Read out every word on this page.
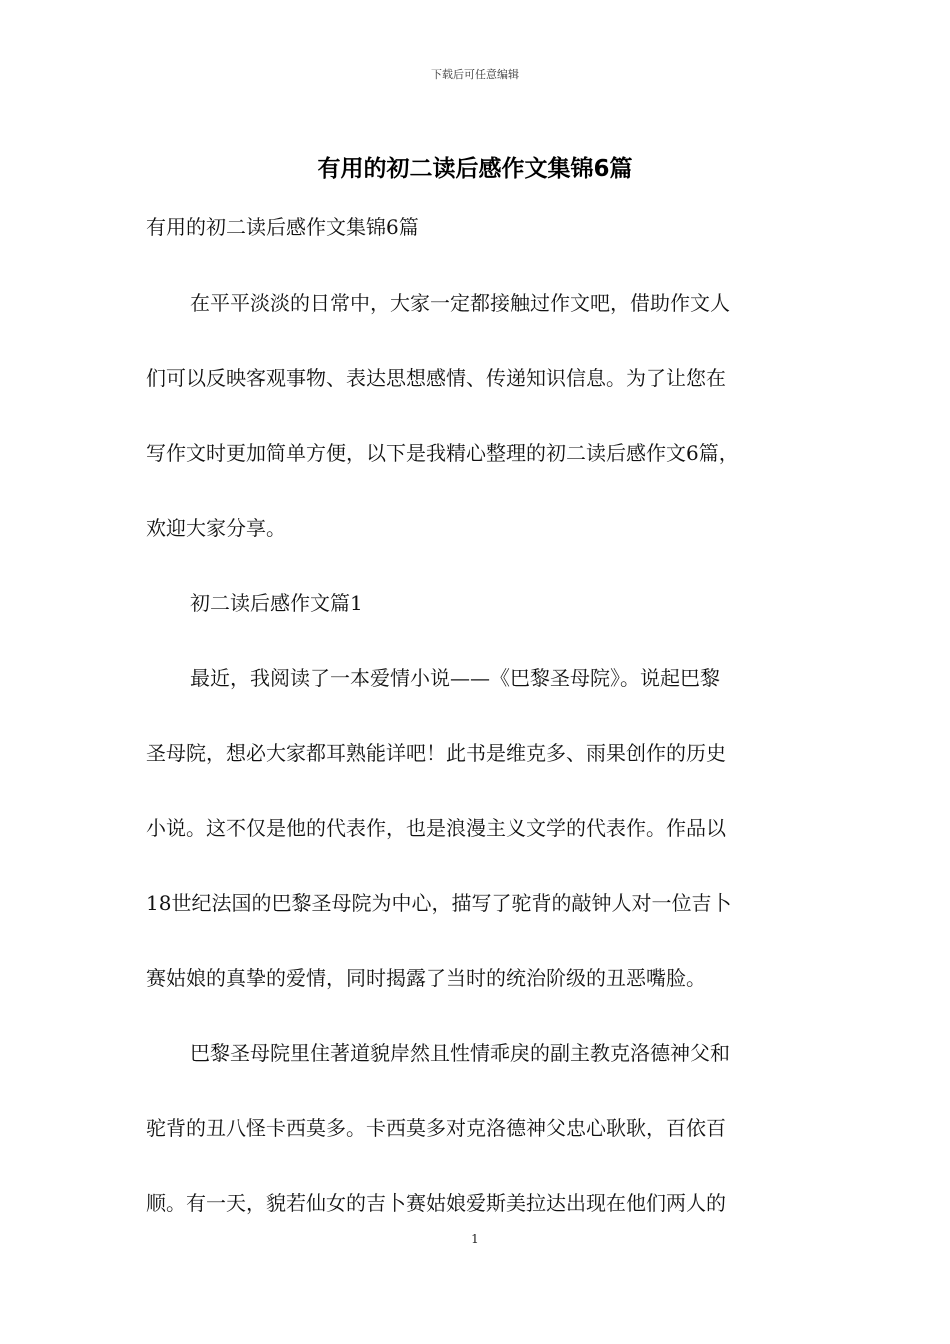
下载后可任意编辑
有用的初二读后感作文集锦6篇
有用的初二读后感作文集锦6篇
在平平淡淡的日常中，大家一定都接触过作文吧，借助作文人
们可以反映客观事物、表达思想感情、传递知识信息。为了让您在
写作文时更加简单方便，以下是我精心整理的初二读后感作文6篇，
欢迎大家分享。
初二读后感作文篇1
最近，我阅读了一本爱情小说——《巴黎圣母院》。说起巴黎
圣母院，想必大家都耳熟能详吧！此书是维克多、雨果创作的历史
小说。这不仅是他的代表作，也是浪漫主义文学的代表作。作品以
18世纪法国的巴黎圣母院为中心，描写了驼背的敲钟人对一位吉卜
赛姑娘的真挚的爱情，同时揭露了当时的统治阶级的丑恶嘴脸。
巴黎圣母院里住著道貌岸然且性情乖戾的副主教克洛德神父和
驼背的丑八怪卡西莫多。卡西莫多对克洛德神父忠心耿耿，百依百
顺。有一天，貌若仙女的吉卜赛姑娘爱斯美拉达出现在他们两人的
1
